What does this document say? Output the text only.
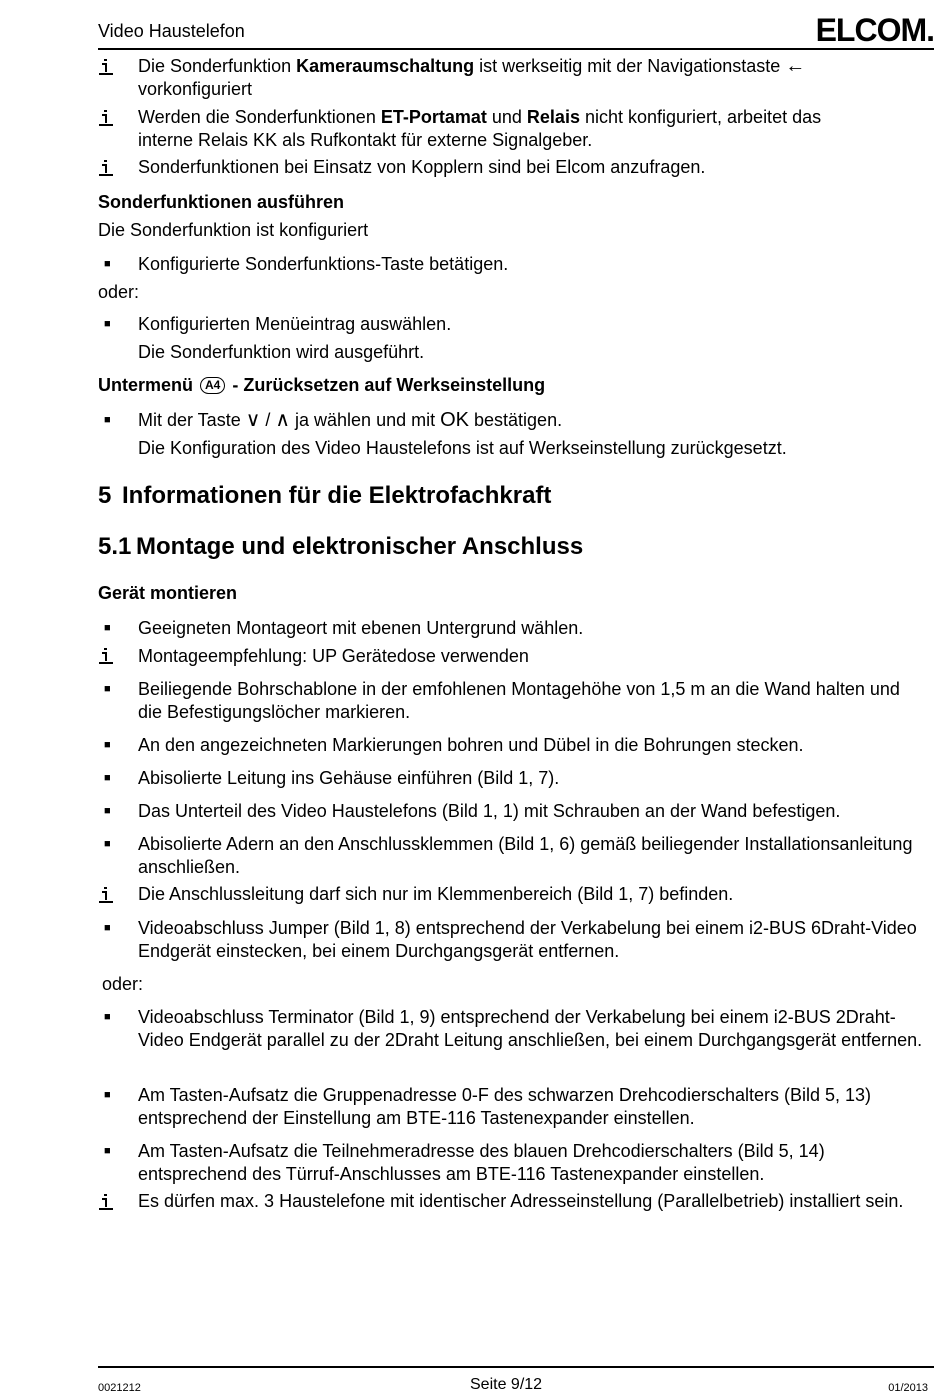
Video Haustelefon	ELCOM.
Die Sonderfunktion Kameraumschaltung ist werkseitig mit der Navigationstaste ←
vorkonfiguriert
Werden die Sonderfunktionen ET-Portamat und Relais nicht konfiguriert, arbeitet das
interne Relais KK als Rufkontakt für externe Signalgeber.
Sonderfunktionen bei Einsatz von Kopplern sind bei Elcom anzufragen.
Sonderfunktionen ausführen
Die Sonderfunktion ist konfiguriert
■ Konfigurierte Sonderfunktions-Taste betätigen.
oder:
■ Konfigurierten Menüeintrag auswählen.
Die Sonderfunktion wird ausgeführt.
Untermenü A4 - Zurücksetzen auf Werkseinstellung
■ Mit der Taste ∨ / ∧ ja wählen und mit OK bestätigen.
Die Konfiguration des Video Haustelefons ist auf Werkseinstellung zurückgesetzt.
5 Informationen für die Elektrofachkraft
5.1 Montage und elektronischer Anschluss
Gerät montieren
■ Geeigneten Montageort mit ebenen Untergrund wählen.
Montageempfehlung: UP Gerätedose verwenden
■ Beiliegende Bohrschablone in der emfohlenen Montagehöhe von 1,5 m an die Wand halten und die Befestigungslöcher markieren.
■ An den angezeichneten Markierungen bohren und Dübel in die Bohrungen stecken.
■ Abisolierte Leitung ins Gehäuse einführen (Bild 1, 7).
■ Das Unterteil des Video Haustelefons (Bild 1, 1) mit Schrauben an der Wand befestigen.
■ Abisolierte Adern an den Anschlussklemmen (Bild 1, 6) gemäß beiliegender Installationsanleitung anschließen.
Die Anschlussleitung darf sich nur im Klemmenbereich (Bild 1, 7) befinden.
■ Videoabschluss Jumper (Bild 1, 8) entsprechend der Verkabelung bei einem i2-BUS 6Draht-Video Endgerät einstecken, bei einem Durchgangsgerät entfernen.
oder:
■ Videoabschluss Terminator (Bild 1, 9) entsprechend der Verkabelung bei einem i2-BUS 2Draht-Video Endgerät parallel zu der 2Draht Leitung anschließen, bei einem Durchgangsgerät entfernen.
■ Am Tasten-Aufsatz die Gruppenadresse 0-F des schwarzen Drehcodierschalters (Bild 5, 13) entsprechend der Einstellung am BTE-116 Tastenexpander einstellen.
■ Am Tasten-Aufsatz die Teilnehmeradresse des blauen Drehcodierschalters (Bild 5, 14) entsprechend des Türruf-Anschlusses am BTE-116 Tastenexpander einstellen.
Es dürfen max. 3 Haustelefone mit identischer Adresseinstellung (Parallelbetrieb) installiert sein.
0021212	Seite 9/12	01/2013
